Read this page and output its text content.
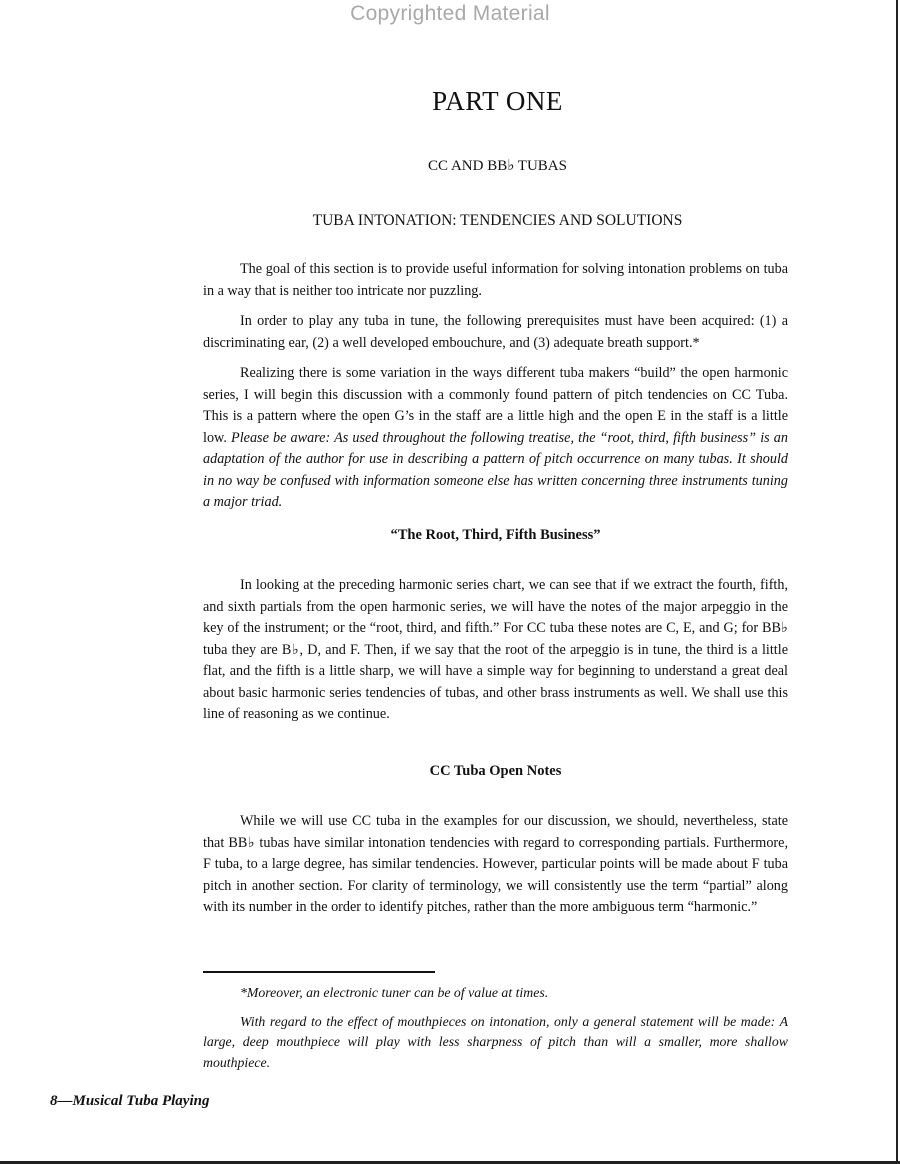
Copyrighted Material
PART ONE
CC AND BB♭ TUBAS
TUBA INTONATION: TENDENCIES AND SOLUTIONS

The goal of this section is to provide useful information for solving intonation problems on tuba in a way that is neither too intricate nor puzzling.

In order to play any tuba in tune, the following prerequisites must have been acquired: (1) a discriminating ear, (2) a well developed embouchure, and (3) adequate breath support.*

Realizing there is some variation in the ways different tuba makers “build” the open harmonic series, I will begin this discussion with a commonly found pattern of pitch tendencies on CC Tuba. This is a pattern where the open G’s in the staff are a little high and the open E in the staff is a little low. Please be aware: As used throughout the following treatise, the “root, third, fifth business” is an adaptation of the author for use in describing a pattern of pitch occurrence on many tubas. It should in no way be confused with information someone else has written concerning three instruments tuning a major triad.

“The Root, Third, Fifth Business”

In looking at the preceding harmonic series chart, we can see that if we extract the fourth, fifth, and sixth partials from the open harmonic series, we will have the notes of the major arpeggio in the key of the instrument; or the “root, third, and fifth.” For CC tuba these notes are C, E, and G; for BB♭ tuba they are B♭, D, and F. Then, if we say that the root of the arpeggio is in tune, the third is a little flat, and the fifth is a little sharp, we will have a simple way for beginning to understand a great deal about basic harmonic series tendencies of tubas, and other brass instruments as well. We shall use this line of reasoning as we continue.

CC Tuba Open Notes

While we will use CC tuba in the examples for our discussion, we should, nevertheless, state that BB♭ tubas have similar intonation tendencies with regard to corresponding partials. Furthermore, F tuba, to a large degree, has similar tendencies. However, particular points will be made about F tuba pitch in another section. For clarity of terminology, we will consistently use the term “partial” along with its number in the order to identify pitches, rather than the more ambiguous term “harmonic.”

*Moreover, an electronic tuner can be of value at times.

With regard to the effect of mouthpieces on intonation, only a general statement will be made: A large, deep mouthpiece will play with less sharpness of pitch than will a smaller, more shallow mouthpiece.

8—Musical Tuba Playing
